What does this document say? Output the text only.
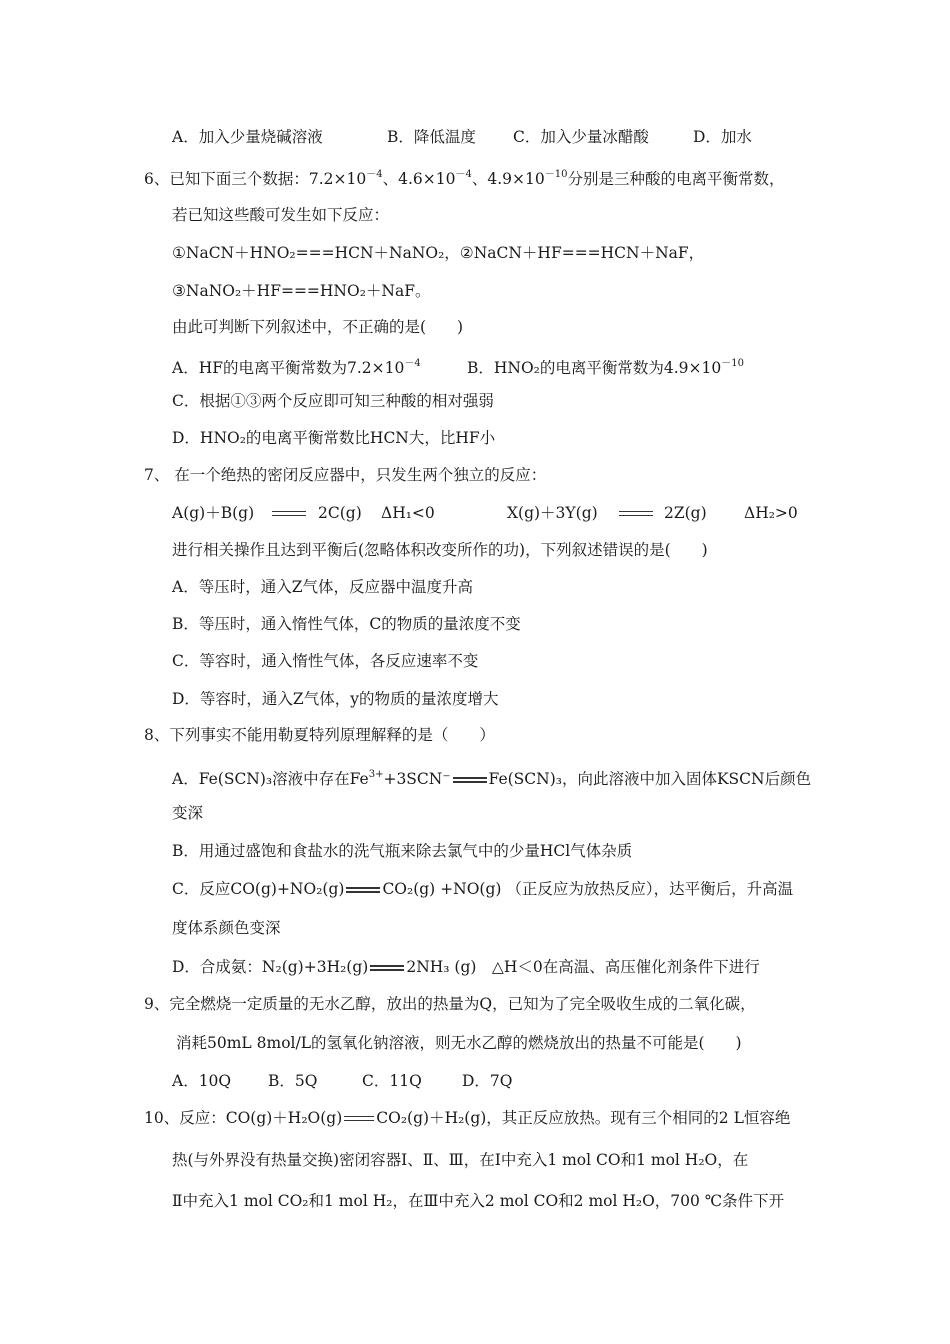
A．加入少量烧碱溶液	B．降低温度 C．加入少量冰醋酸	D．加水
6、已知下面三个数据：$7.2\times 10^{-4}$、$4.6\times 10^{-4}$、$4.9\times 10^{-10}$分别是三种酸的电离平衡常数，
若已知这些酸可发生如下反应：
①NaCN＋HNO₂===HCN＋NaNO₂，②NaCN＋HF===HCN＋NaF，
③NaNO₂＋HF===HNO₂＋NaF。
由此可判断下列叙述中，不正确的是(　　)
A．HF的电离平衡常数为$7.2\times 10^{-4}$	B．HNO₂的电离平衡常数为$4.9\times 10^{-10}$
C．根据①③两个反应即可知三种酸的相对强弱
D．HNO₂的电离平衡常数比HCN大，比HF小
7、 在一个绝热的密闭反应器中，只发生两个独立的反应：
A(g)＋B(g)	2C(g) ΔH₁<0	X(g)＋3Y(g)	2Z(g) ΔH₂>0
进行相关操作且达到平衡后(忽略体积改变所作的功)，下列叙述错误的是(　　)
A．等压时，通入Z气体，反应器中温度升高
B．等压时，通入惰性气体，C的物质的量浓度不变
C．等容时，通入惰性气体，各反应速率不变
D．等容时，通入Z气体，y的物质的量浓度增大
8、下列事实不能用勒夏特列原理解释的是（　　）
A．Fe(SCN)₃溶液中存在$Fe^{3+}+3SCN^-$ Fe(SCN)₃，向此溶液中加入固体KSCN后颜色
变深
B．用通过盛饱和食盐水的洗气瓶来除去氯气中的少量HCl气体杂质
C．反应CO(g)+NO₂(g) CO₂(g) +NO(g) （正反应为放热反应），达平衡后，升高温
度体系颜色变深
D．合成氨：N₂(g)+3H₂(g) 2NH₃ (g)　△H＜0在高温、高压催化剂条件下进行
9、完全燃烧一定质量的无水乙醇，放出的热量为Q，已知为了完全吸收生成的二氧化碳，
消耗50mL 8mol/L的氢氧化钠溶液，则无水乙醇的燃烧放出的热量不可能是(　　)
A．10Q B．5Q	C．11Q	D．7Q
10、反应：CO(g)＋H₂O(g) CO₂(g)＋H₂(g)，其正反应放热。现有三个相同的2 L恒容绝
热(与外界没有热量交换)密闭容器Ⅰ、Ⅱ、Ⅲ，在Ⅰ中充入1 mol CO和1 mol H₂O，在
Ⅱ中充入1 mol CO₂和1 mol H₂，在Ⅲ中充入2 mol CO和2 mol H₂O，700 ℃条件下开
